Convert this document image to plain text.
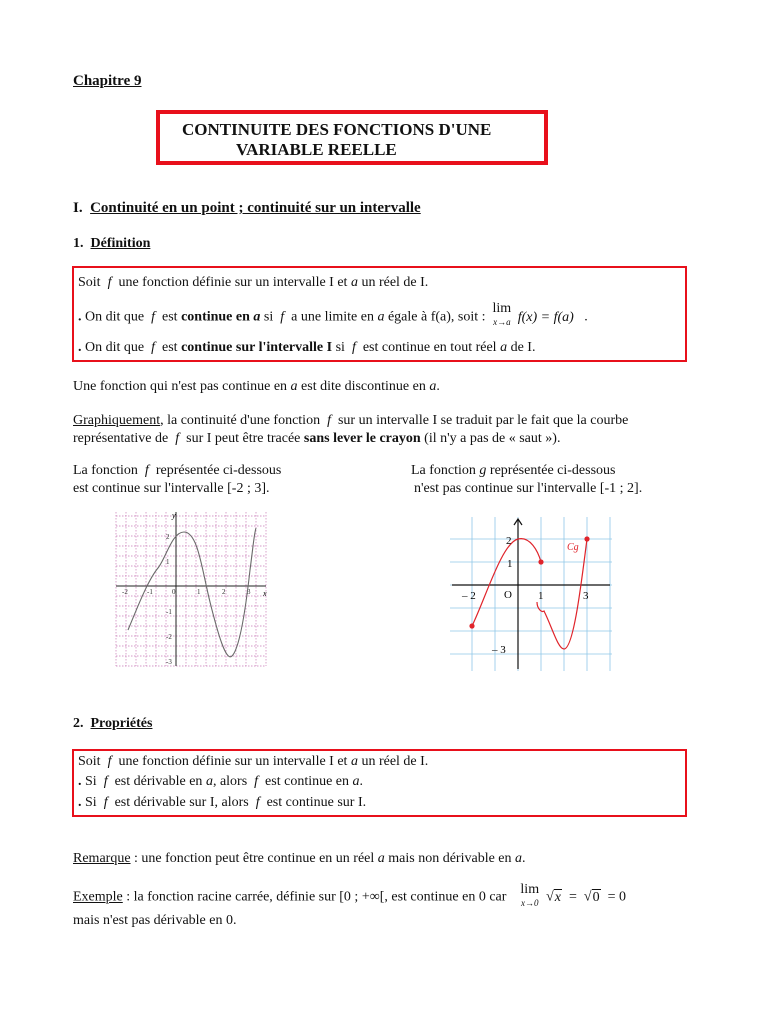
Chapitre 9
CONTINUITE DES FONCTIONS D'UNE
VARIABLE REELLE
I. Continuité en un point ; continuité sur un intervalle
1. Définition
Soit f une fonction définie sur un intervalle I et a un réel de I.
. On dit que f est continue en a si f a une limite en a égale à f(a), soit :
lim
x→a f(x) = f(a) .
. On dit que f est continue sur l'intervalle I si f est continue en tout réel a de I.
Une fonction qui n'est pas continue en a est dite discontinue en a.
Graphiquement, la continuité d'une fonction f sur un intervalle I se traduit par le fait que la courbe
représentative de f sur I peut être tracée sans lever le crayon (il n'y a pas de « saut »).
La fonction f représentée ci-dessous
est continue sur l'intervalle [-2 ; 3].
La fonction g représentée ci-dessous
n'est pas continue sur l'intervalle [-1 ; 2].
y
x
-2	-1	0	1	2	3
2
1
-1
-2
-3
Cg
– 2	O 1	3
2
1
– 3
2. Propriétés
Soit f une fonction définie sur un intervalle I et a un réel de I.
. Si f est dérivable en a, alors f est continue en a.
. Si f est dérivable sur I, alors f est continue sur I.
Remarque : une fonction peut être continue en un réel a mais non dérivable en a.
Exemple : la fonction racine carrée, définie sur [0 ; +∞[, est continue en 0 car
lim
x→0 √x =  √0 = 0
mais n'est pas dérivable en 0.
